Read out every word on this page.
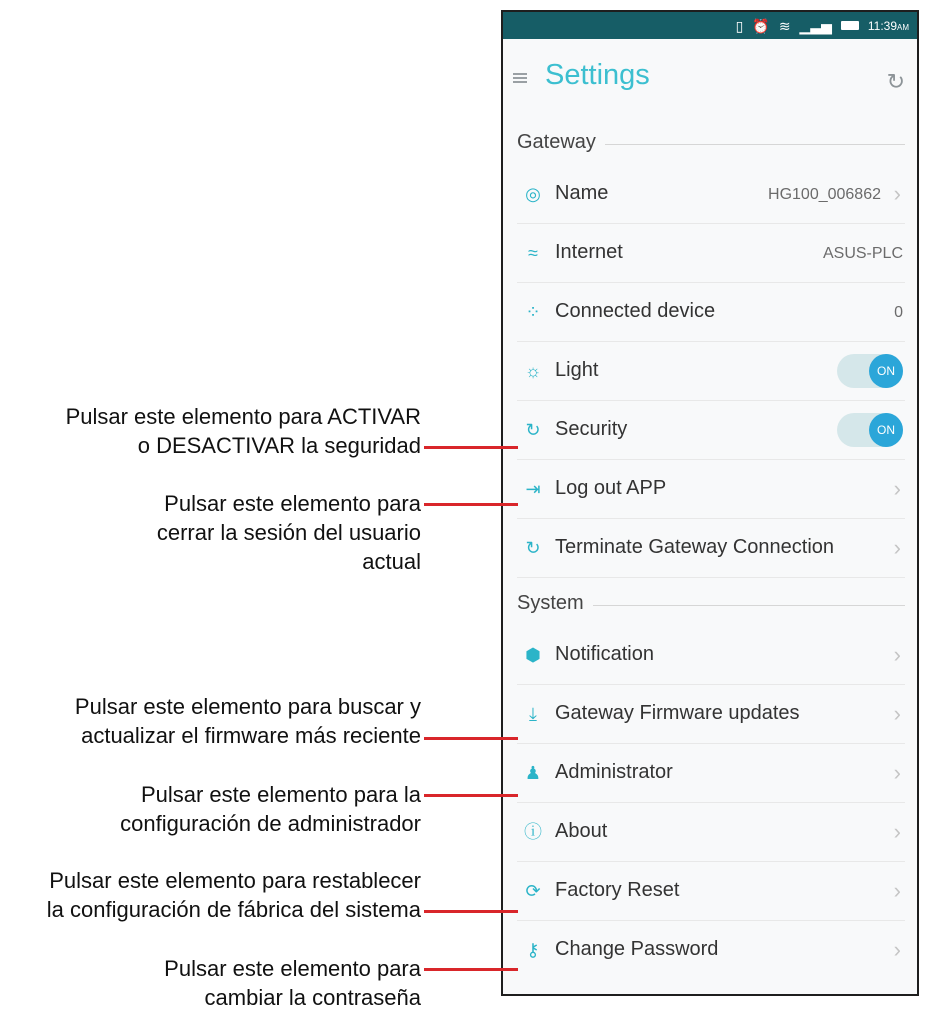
▯ ⏰ ≋ ▁▃▅	11:39AM
Settings	↻
Gateway
◎ Name	HG100_006862 ›
≈ Internet	ASUS-PLC
⁘ Connected device	0
☼ Light	ON
↻ Security	ON
⇥ Log out APP	›
↻ Terminate Gateway Connection	›
System
⬢ Notification	›
⤓ Gateway Firmware updates	›
♟ Administrator	›
ⓘ About	›
⟳ Factory Reset	›
⚷ Change Password	›
Pulsar este elemento para ACTIVAR
o DESACTIVAR la seguridad
Pulsar este elemento para
cerrar la sesión del usuario
actual
Pulsar este elemento para buscar y
actualizar el firmware más reciente
Pulsar este elemento para la
configuración de administrador
Pulsar este elemento para restablecer
la configuración de fábrica del sistema
Pulsar este elemento para
cambiar la contraseña
